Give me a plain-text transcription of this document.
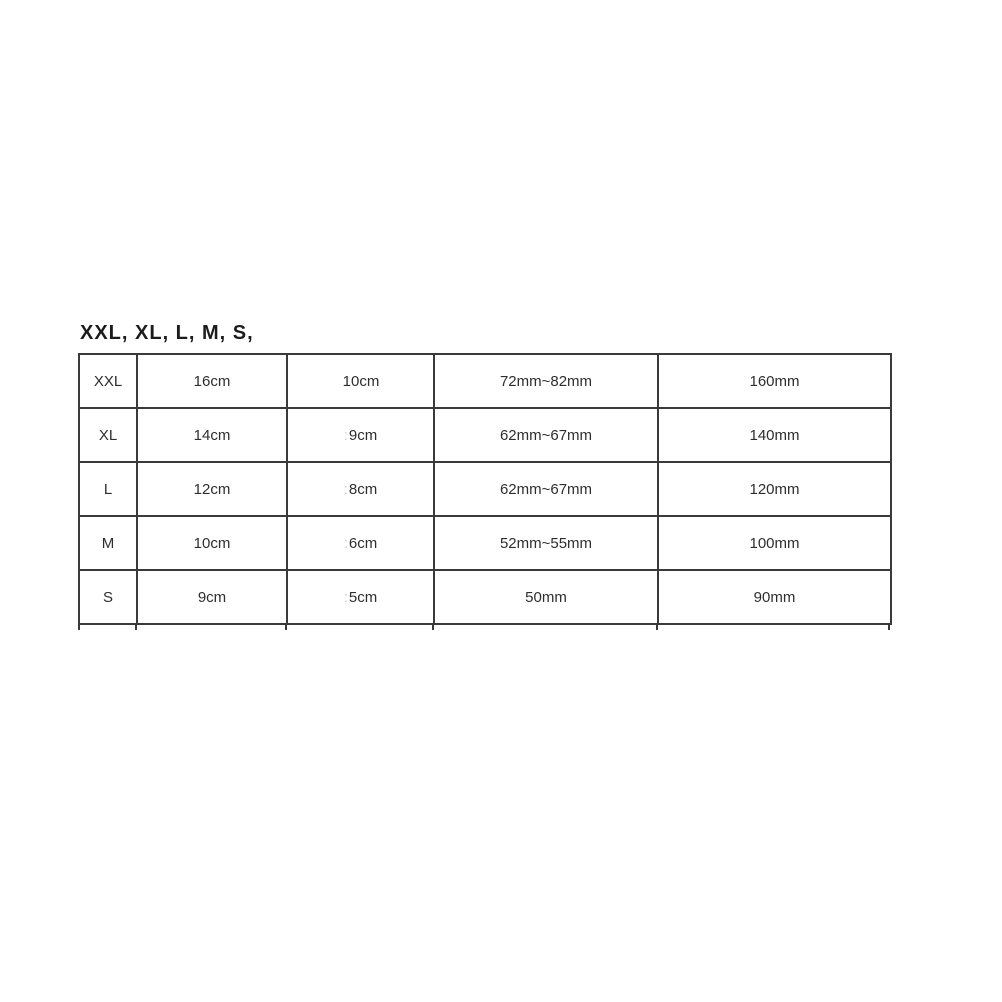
XXL, XL, L, M, S,
XXL	16cm	10cm	72mm~82mm	160mm
XL	14cm	:9cm	62mm~67mm	140mm
L	12cm	:8cm	62mm~67mm	120mm
M	10cm	:6cm	52mm~55mm	100mm
S	9cm	:5cm	50mm	90mm
